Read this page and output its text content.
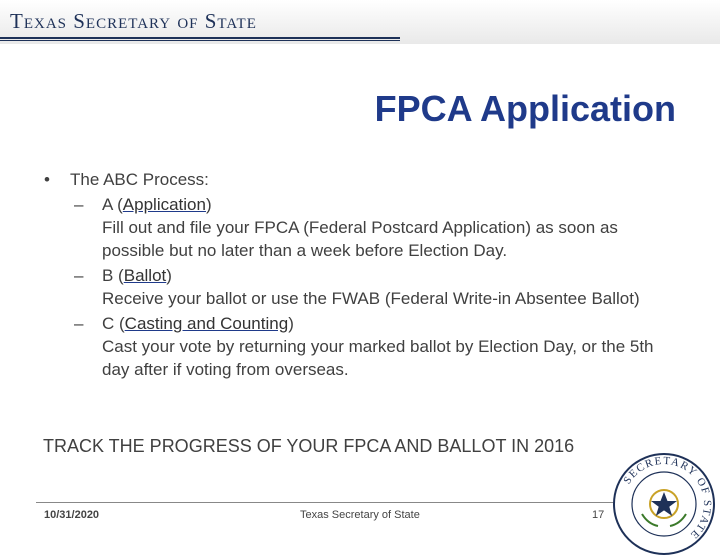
Texas Secretary of State
FPCA Application
•	The ABC Process:
– A (Application)

Fill out and file your FPCA (Federal Postcard Application) as soon as possible but no later than a week before Election Day.

– B (Ballot)

Receive your ballot or use the FWAB (Federal Write-in Absentee Ballot)

– C (Casting and Counting)

Cast your vote by returning your marked ballot by Election Day, or the 5th day after if voting from overseas.

TRACK THE PROGRESS OF YOUR FPCA AND BALLOT IN 2016
10/31/2020	Texas Secretary of State	17
SECRETARY OF STATE
